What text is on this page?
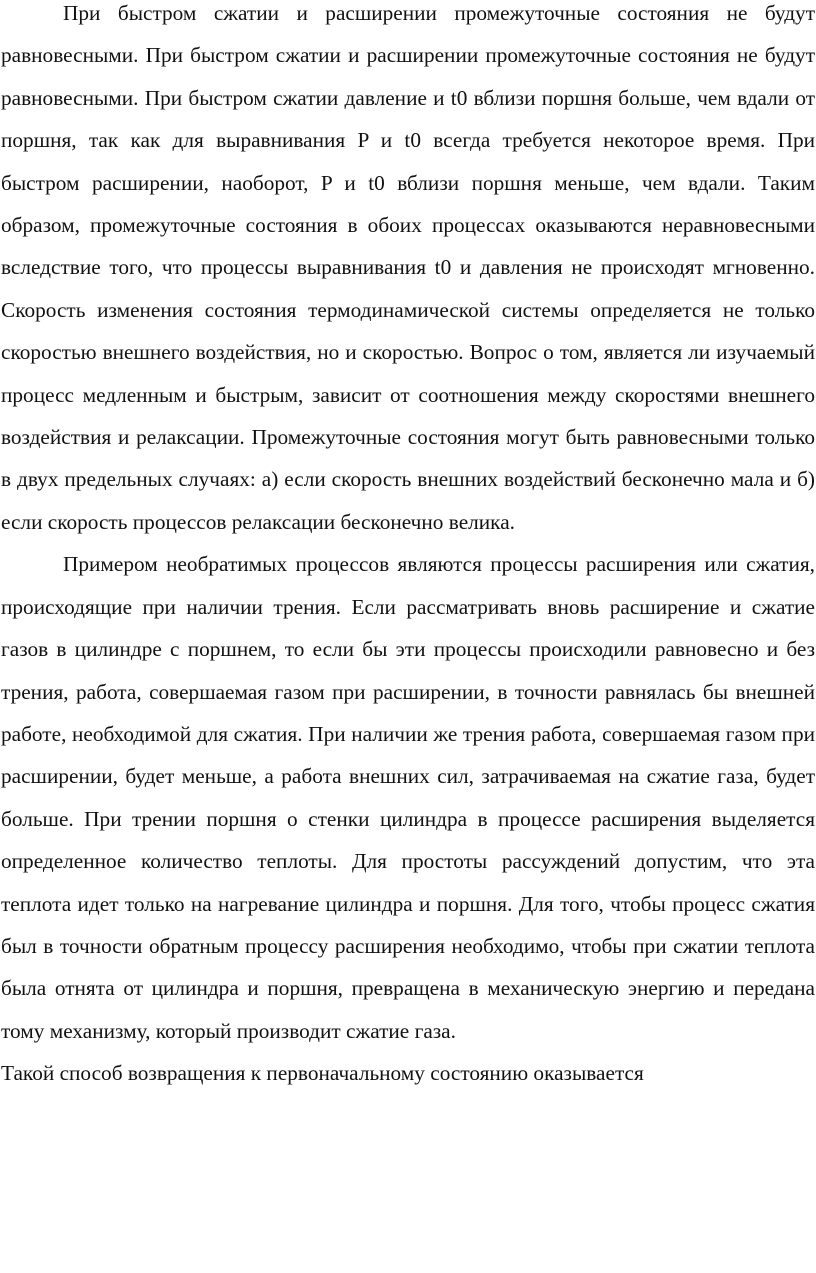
При быстром сжатии и расширении промежуточные состояния не будут равновесными. При быстром сжатии и расширении промежуточные состояния не будут равновесными. При быстром сжатии давление и t0 вблизи поршня больше, чем вдали от поршня, так как для выравнивания P и t0 всегда требуется некоторое время. При быстром расширении, наоборот, P и t0 вблизи поршня меньше, чем вдали. Таким образом, промежуточные состояния в обоих процессах оказываются неравновесными вследствие того, что процессы выравнивания t0 и давления не происходят мгновенно. Скорость изменения состояния термодинамической системы определяется не только скоростью внешнего воздействия, но и скоростью. Вопрос о том, является ли изучаемый процесс медленным и быстрым, зависит от соотношения между скоростями внешнего воздействия и релаксации. Промежуточные состояния могут быть равновесными только в двух предельных случаях: а) если скорость внешних воздействий бесконечно мала и б) если скорость процессов релаксации бесконечно велика.

Примером необратимых процессов являются процессы расширения или сжатия, происходящие при наличии трения. Если рассматривать вновь расширение и сжатие газов в цилиндре с поршнем, то если бы эти процессы происходили равновесно и без трения, работа, совершаемая газом при расширении, в точности равнялась бы внешней работе, необходимой для сжатия. При наличии же трения работа, совершаемая газом при расширении, будет меньше, а работа внешних сил, затрачиваемая на сжатие газа, будет больше. При трении поршня о стенки цилиндра в процессе расширения выделяется определенное количество теплоты. Для простоты рассуждений допустим, что эта теплота идет только на нагревание цилиндра и поршня. Для того, чтобы процесс сжатия был в точности обратным процессу расширения необходимо, чтобы при сжатии теплота была отнята от цилиндра и поршня, превращена в механическую энергию и передана тому механизму, который производит сжатие газа.

Такой способ возвращения к первоначальному состоянию оказывается
